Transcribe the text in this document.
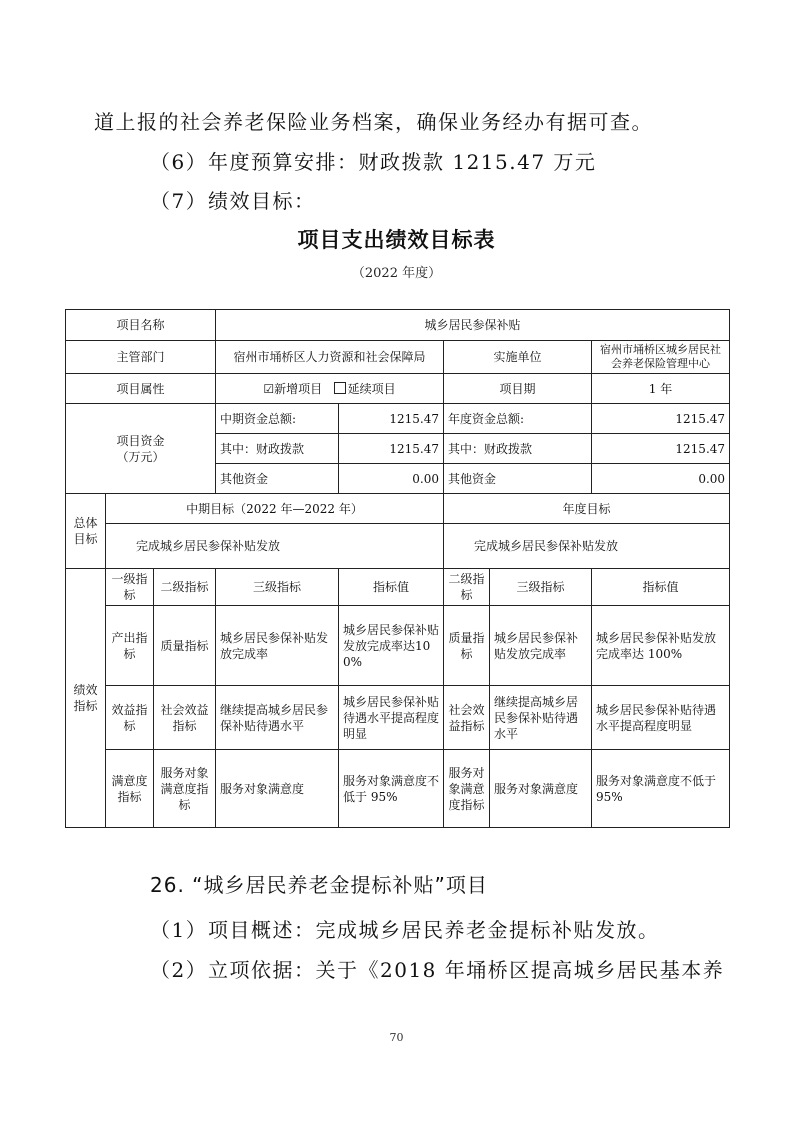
道上报的社会养老保险业务档案，确保业务经办有据可查。

（6）年度预算安排：财政拨款 1215.47 万元

（7）绩效目标：

项目支出绩效目标表
（2022 年度）
项目名称			城乡居民参保补贴				
主管部门			宿州市埇桥区人力资源和社会保障局		实施单位		宿州市埇桥区城乡居民社会养老保险管理中心
项目属性			☑新增项目 延续项目		项目期		1 年
项目资金
（万元）			中期资金总额:	1215.47	年度资金总额:		1215.47
			其中：财政拨款	1215.47	其中：财政拨款		1215.47
			其他资金	0.00	其他资金		0.00
总体目标	中期目标（2022 年—2022 年）				年度目标		
	完成城乡居民参保补贴发放				完成城乡居民参保补贴发放		
绩效指标	一级指标	二级指标	三级指标	指标值	二级指标	三级指标	指标值
	产出指标	质量指标	城乡居民参保补贴发放完成率	城乡居民参保补贴发放完成率达100%	质量指标	城乡居民参保补贴发放完成率	城乡居民参保补贴发放完成率达 100%
	效益指标	社会效益指标	继续提高城乡居民参保补贴待遇水平	城乡居民参保补贴待遇水平提高程度明显	社会效益指标	继续提高城乡居民参保补贴待遇水平	城乡居民参保补贴待遇水平提高程度明显
	满意度指标	服务对象满意度指标	服务对象满意度	服务对象满意度不低于 95%	服务对象满意度指标	服务对象满意度	服务对象满意度不低于 95%

26. “城乡居民养老金提标补贴”项目

（1）项目概述：完成城乡居民养老金提标补贴发放。

（2）立项依据：关于《2018 年埇桥区提高城乡居民基本养

70
